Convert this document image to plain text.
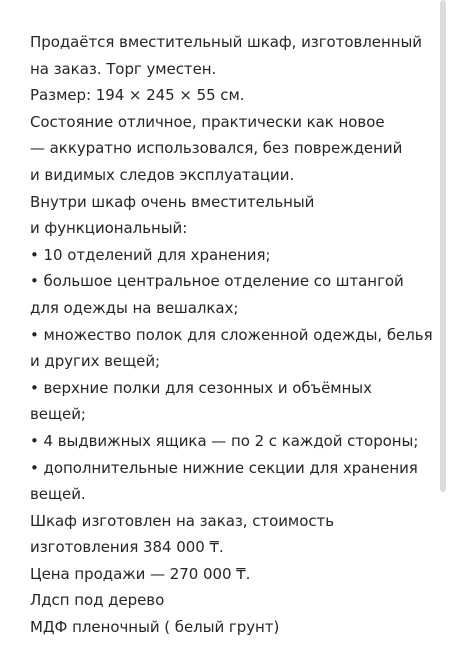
Продаётся вместительный шкаф, изготовленный
на заказ. Торг уместен.
Размер: 194 × 245 × 55 см.
Состояние отличное, практически как новое
— аккуратно использовался, без повреждений
и видимых следов эксплуатации.
Внутри шкаф очень вместительный
и функциональный:
• 10 отделений для хранения;
• большое центральное отделение со штангой
для одежды на вешалках;
• множество полок для сложенной одежды, белья
и других вещей;
• верхние полки для сезонных и объёмных
вещей;
• 4 выдвижных ящика — по 2 с каждой стороны;
• дополнительные нижние секции для хранения
вещей.
Шкаф изготовлен на заказ, стоимость
изготовления 384 000 ₸.
Цена продажи — 270 000 ₸.
Лдсп под дерево
МДФ пленочный ( белый грунт)
